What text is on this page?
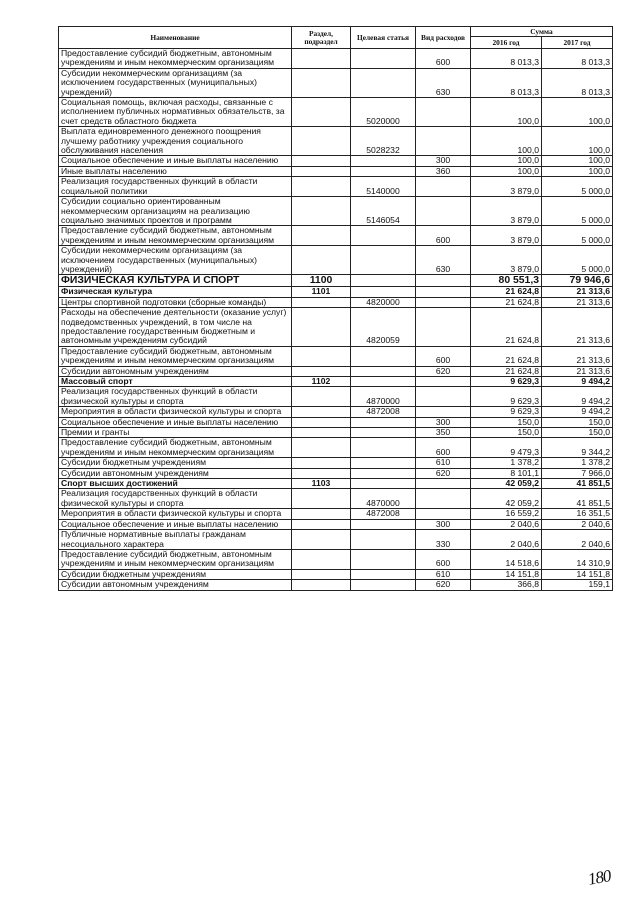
Наименование	Раздел, подраздел	Целевая статья	Вид расходов	Сумма	
				2016 год	2017 год
Предоставление субсидий бюджетным, автономным учреждениям и иным некоммерческим организациям			600	8 013,3	8 013,3
Субсидии некоммерческим организациям (за исключением государственных (муниципальных) учреждений)			630	8 013,3	8 013,3
Социальная помощь, включая расходы, связанные с исполнением публичных нормативных обязательств, за счет средств областного бюджета		5020000		100,0	100,0
Выплата единовременного денежного поощрения лучшему работнику учреждения социального обслуживания населения		5028232		100,0	100,0
Социальное обеспечение и иные выплаты населению			300	100,0	100,0
Иные выплаты населению			360	100,0	100,0
Реализация государственных функций в области социальной политики		5140000		3 879,0	5 000,0
Субсидии социально ориентированным некоммерческим организациям на реализацию социально значимых проектов и программ		5146054		3 879,0	5 000,0
Предоставление субсидий бюджетным, автономным учреждениям и иным некоммерческим организациям			600	3 879,0	5 000,0
Субсидии некоммерческим организациям (за исключением государственных (муниципальных) учреждений)			630	3 879,0	5 000,0
ФИЗИЧЕСКАЯ КУЛЬТУРА И СПОРТ	1100			80 551,3	79 946,6
Физическая культура	1101			21 624,8	21 313,6
Центры спортивной подготовки (сборные команды)		4820000		21 624,8	21 313,6
Расходы на обеспечение деятельности (оказание услуг) подведомственных учреждений, в том числе на предоставление государственным бюджетным и автономным учреждениям субсидий		4820059		21 624,8	21 313,6
Предоставление субсидий бюджетным, автономным учреждениям и иным некоммерческим организациям			600	21 624,8	21 313,6
Субсидии автономным учреждениям			620	21 624,8	21 313,6
Массовый спорт	1102			9 629,3	9 494,2
Реализация государственных функций в области физической культуры и спорта		4870000		9 629,3	9 494,2
Мероприятия в области физической культуры и спорта		4872008		9 629,3	9 494,2
Социальное обеспечение и иные выплаты населению			300	150,0	150,0
Премии и гранты			350	150,0	150,0
Предоставление субсидий бюджетным, автономным учреждениям и иным некоммерческим организациям			600	9 479,3	9 344,2
Субсидии бюджетным учреждениям			610	1 378,2	1 378,2
Субсидии автономным учреждениям			620	8 101,1	7 966,0
Спорт высших достижений	1103			42 059,2	41 851,5
Реализация государственных функций в области физической культуры и спорта		4870000		42 059,2	41 851,5
Мероприятия в области физической культуры и спорта		4872008		16 559,2	16 351,5
Социальное обеспечение и иные выплаты населению			300	2 040,6	2 040,6
Публичные нормативные выплаты гражданам несоциального характера			330	2 040,6	2 040,6
Предоставление субсидий бюджетным, автономным учреждениям и иным некоммерческим организациям			600	14 518,6	14 310,9
Субсидии бюджетным учреждениям			610	14 151,8	14 151,8
Субсидии автономным учреждениям			620	366,8	159,1
180
